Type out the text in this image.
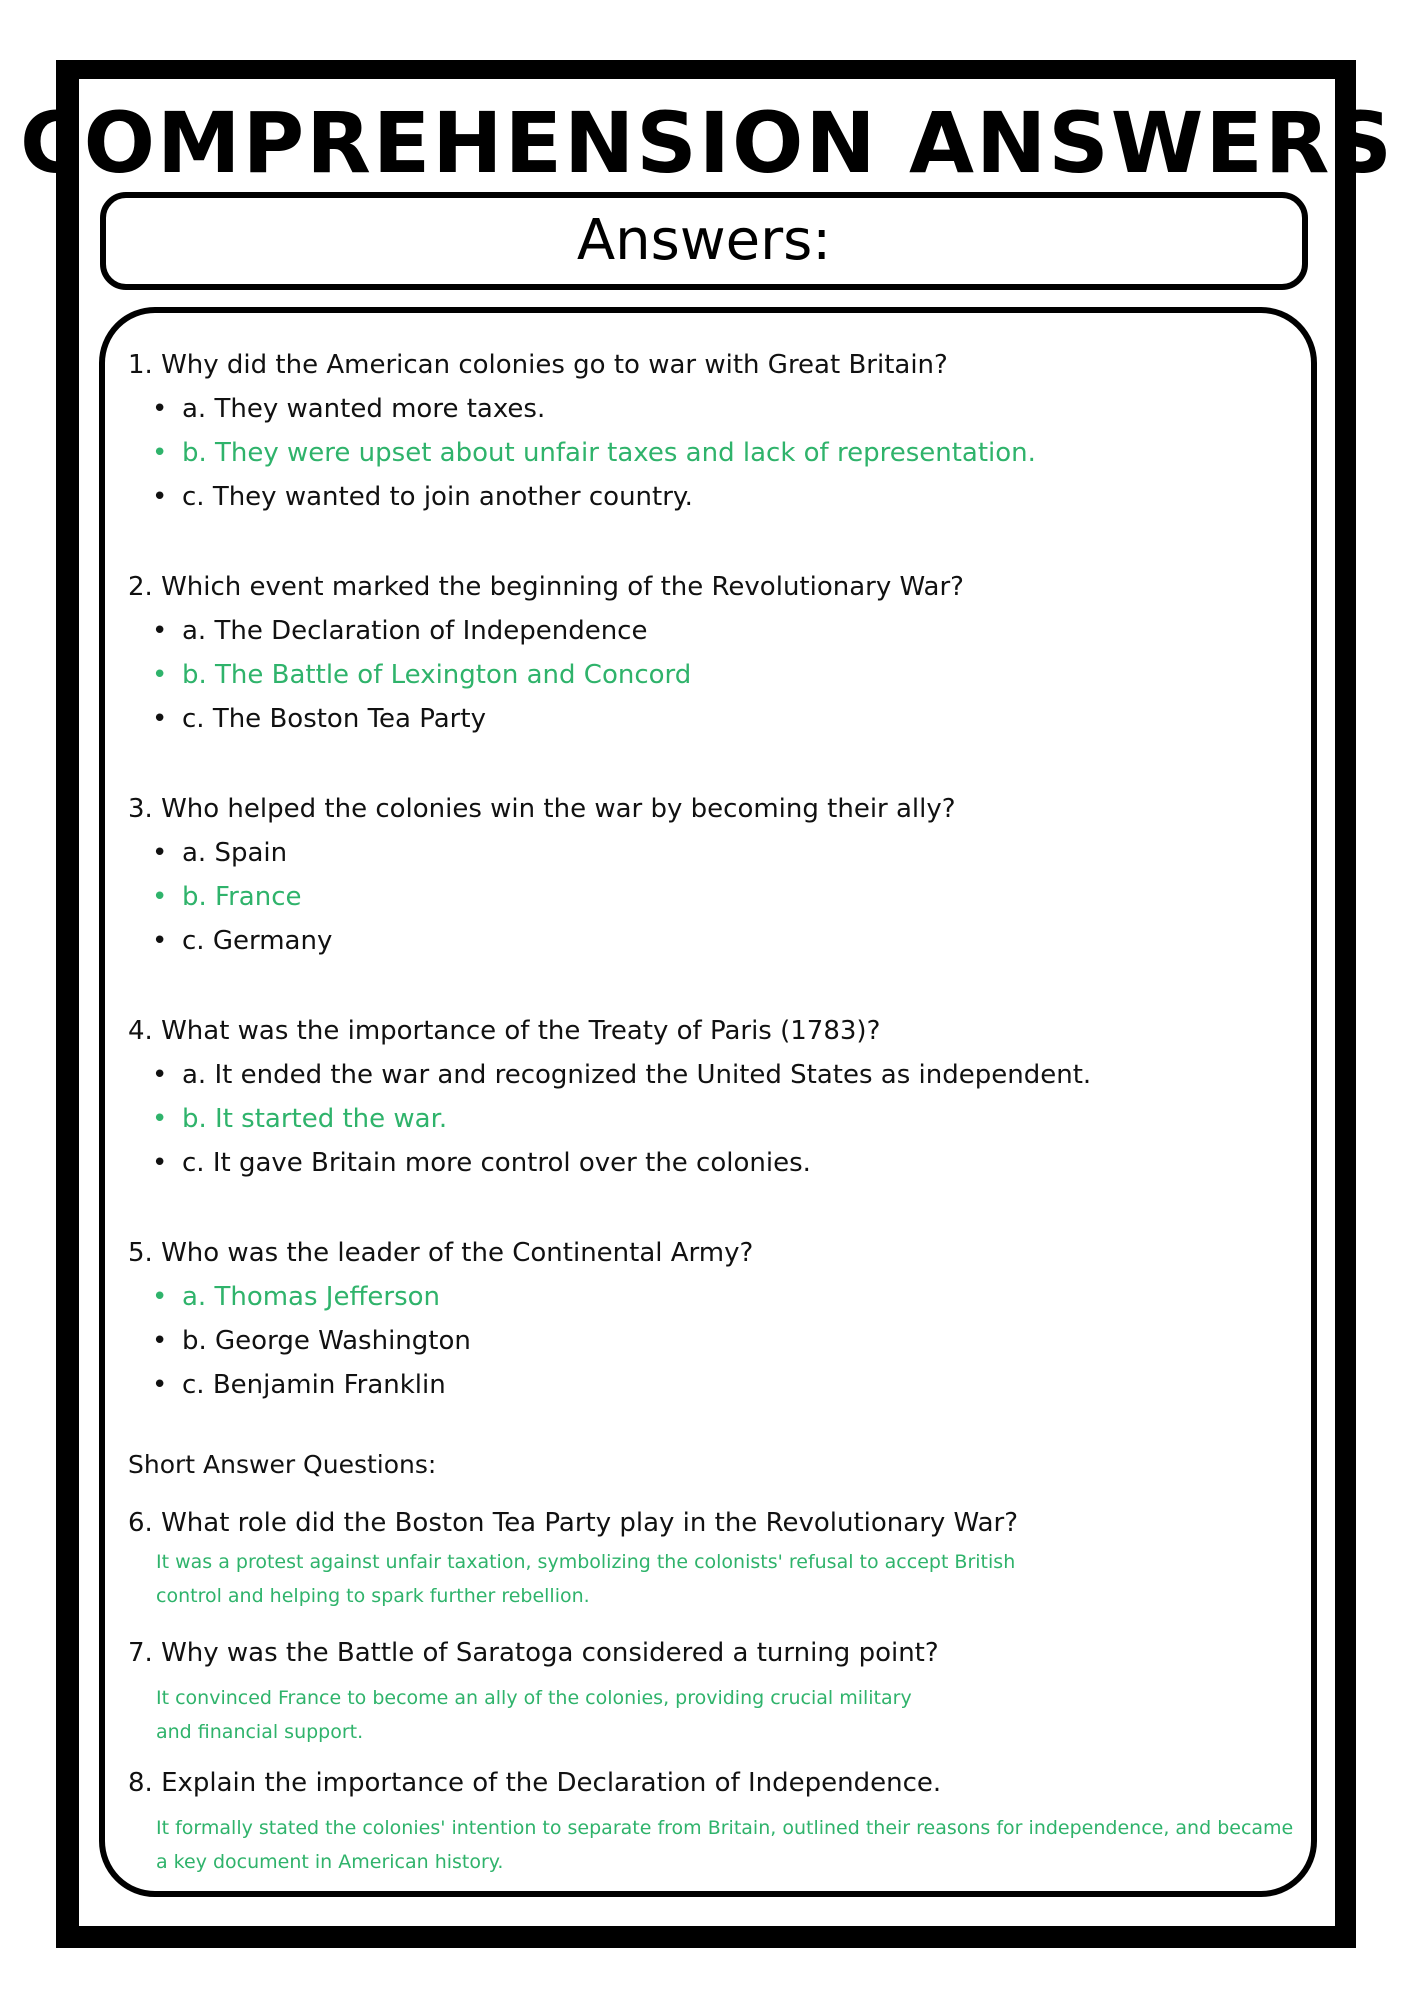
COMPREHENSION ANSWERS
Answers:
1. Why did the American colonies go to war with Great Britain?
• a. They wanted more taxes.
• b. They were upset about unfair taxes and lack of representation.
• c. They wanted to join another country.
2. Which event marked the beginning of the Revolutionary War?
• a. The Declaration of Independence
• b. The Battle of Lexington and Concord
• c. The Boston Tea Party
3. Who helped the colonies win the war by becoming their ally?
• a. Spain
• b. France
• c. Germany
4. What was the importance of the Treaty of Paris (1783)?
• a. It ended the war and recognized the United States as independent.
• b. It started the war.
• c. It gave Britain more control over the colonies.
5. Who was the leader of the Continental Army?
• a. Thomas Jefferson
• b. George Washington
• c. Benjamin Franklin
Short Answer Questions:
6. What role did the Boston Tea Party play in the Revolutionary War?
It was a protest against unfair taxation, symbolizing the colonists' refusal to accept British
control and helping to spark further rebellion.
7. Why was the Battle of Saratoga considered a turning point?
It convinced France to become an ally of the colonies, providing crucial military
and financial support.
8. Explain the importance of the Declaration of Independence.
It formally stated the colonies' intention to separate from Britain, outlined their reasons for independence, and became
a key document in American history.
